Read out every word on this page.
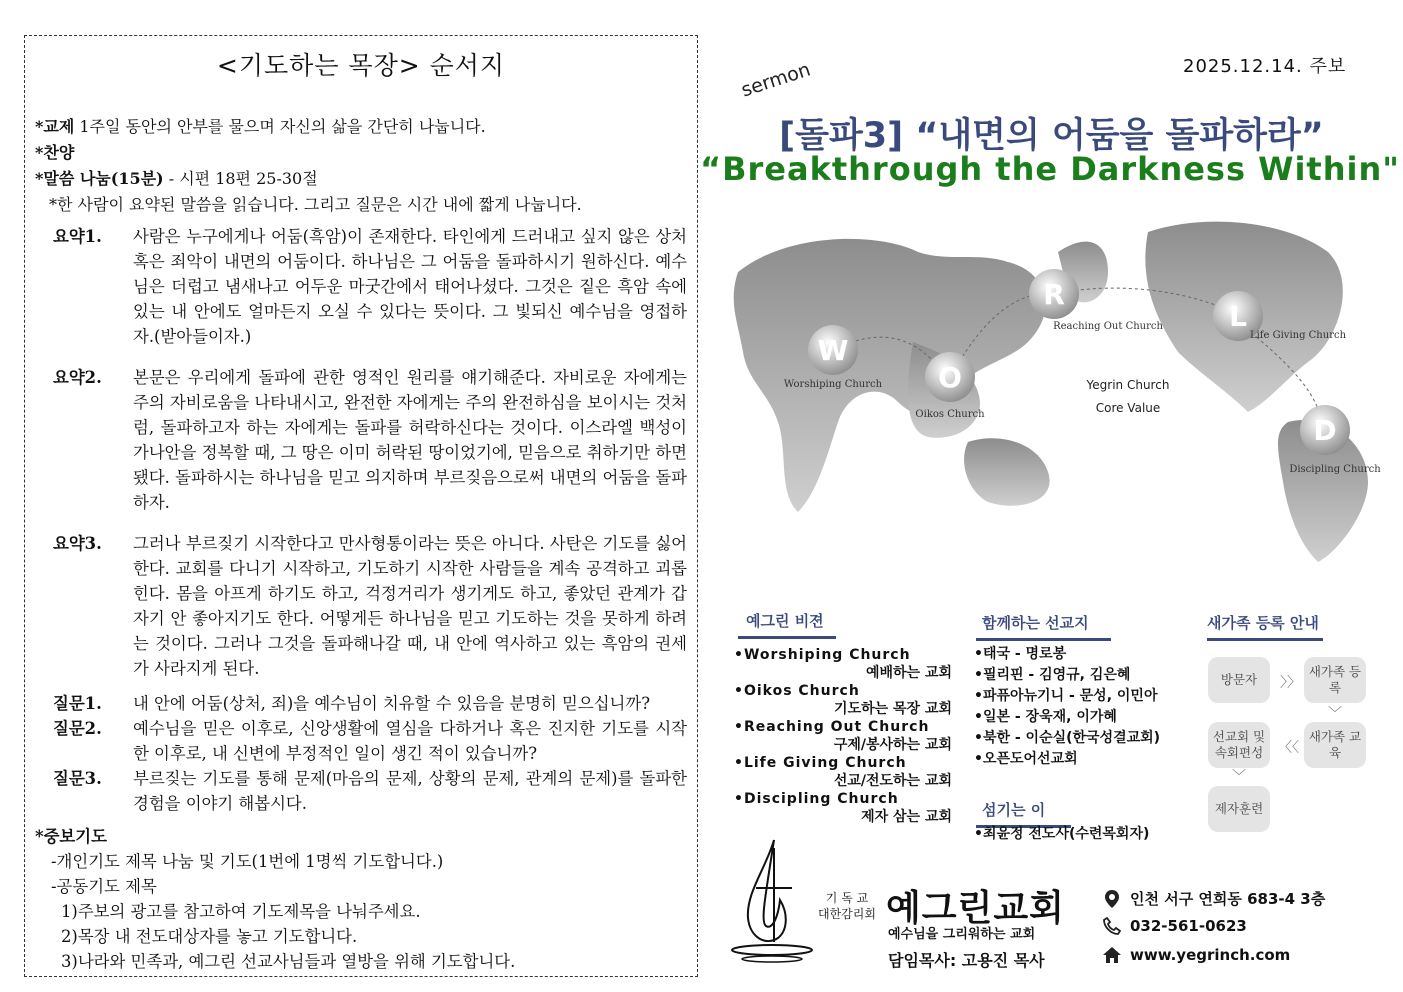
<기도하는 목장> 순서지
*교제 1주일 동안의 안부를 물으며 자신의 삶을 간단히 나눕니다.
*찬양
*말씀 나눔(15분) - 시편 18편 25-30절
*한 사람이 요약된 말씀을 읽습니다. 그리고 질문은 시간 내에 짧게 나눕니다.
요약1.	사람은 누구에게나 어둠(흑암)이 존재한다. 타인에게 드러내고 싶지 않은 상처 혹은 죄악이 내면의 어둠이다. 하나님은 그 어둠을 돌파하시기 원하신다. 예수님은 더럽고 냄새나고 어두운 마굿간에서 태어나셨다. 그것은 짙은 흑암 속에 있는 내 안에도 얼마든지 오실 수 있다는 뜻이다. 그 빛되신 예수님을 영접하자.(받아들이자.)
요약2.	본문은 우리에게 돌파에 관한 영적인 원리를 얘기해준다. 자비로운 자에게는 주의 자비로움을 나타내시고, 완전한 자에게는 주의 완전하심을 보이시는 것처럼, 돌파하고자 하는 자에게는 돌파를 허락하신다는 것이다. 이스라엘 백성이 가나안을 정복할 때, 그 땅은 이미 허락된 땅이었기에, 믿음으로 취하기만 하면 됐다. 돌파하시는 하나님을 믿고 의지하며 부르짖음으로써 내면의 어둠을 돌파하자.
요약3.	그러나 부르짖기 시작한다고 만사형통이라는 뜻은 아니다. 사탄은 기도를 싫어한다. 교회를 다니기 시작하고, 기도하기 시작한 사람들을 계속 공격하고 괴롭힌다. 몸을 아프게 하기도 하고, 걱정거리가 생기게도 하고, 좋았던 관계가 갑자기 안 좋아지기도 한다. 어떻게든 하나님을 믿고 기도하는 것을 못하게 하려는 것이다. 그러나 그것을 돌파해나갈 때, 내 안에 역사하고 있는 흑암의 권세가 사라지게 된다.
질문1.	내 안에 어둠(상처, 죄)을 예수님이 치유할 수 있음을 분명히 믿으십니까?
질문2.	예수님을 믿은 이후로, 신앙생활에 열심을 다하거나 혹은 진지한 기도를 시작한 이후로, 내 신변에 부정적인 일이 생긴 적이 있습니까?
질문3.	부르짖는 기도를 통해 문제(마음의 문제, 상황의 문제, 관계의 문제)를 돌파한 경험을 이야기 해봅시다.
*중보기도
-개인기도 제목 나눔 및 기도(1번에 1명씩 기도합니다.)
-공동기도 제목
1)주보의 광고를 참고하여 기도제목을 나눠주세요.
2)목장 내 전도대상자를 놓고 기도합니다.
3)나라와 민족과, 예그린 선교사님들과 열방을 위해 기도합니다.
2025.12.14. 주보
sermon
[돌파3] “내면의 어둠을 돌파하라”
“Breakthrough the Darkness Within"
W
Worshiping Church O
Oikos Church
R
Reaching Out Church L
Life Giving Church
D
Discipling Church
Yegrin Church
Core Value
예그린 비젼
•Worshiping Church
예배하는 교회
•Oikos Church
기도하는 목장 교회
•Reaching Out Church
구제/봉사하는 교회
•Life Giving Church
선교/전도하는 교회
•Discipling Church
제자 삼는 교회
함께하는 선교지
•태국 - 명로봉
•필리핀 - 김영규, 김은혜
•파퓨아뉴기니 - 문성, 이민아
•일본 - 장욱재, 이가혜
•북한 - 이순실(한국성결교회)
•오픈도어선교회
섬기는 이
•최윤정 전도사(수련목회자)
새가족 등록 안내
방문자	〉〉
새가족 등록
﹀
새가족 교육
〈〈
선교회 및 속회편성
﹀
제자훈련
기 독 교
대한감리회 예그린교회
예수님을 그리워하는 교회
담임목사: 고용진 목사
인천 서구 연희동 683-4 3층
032-561-0623
www.yegrinch.com
